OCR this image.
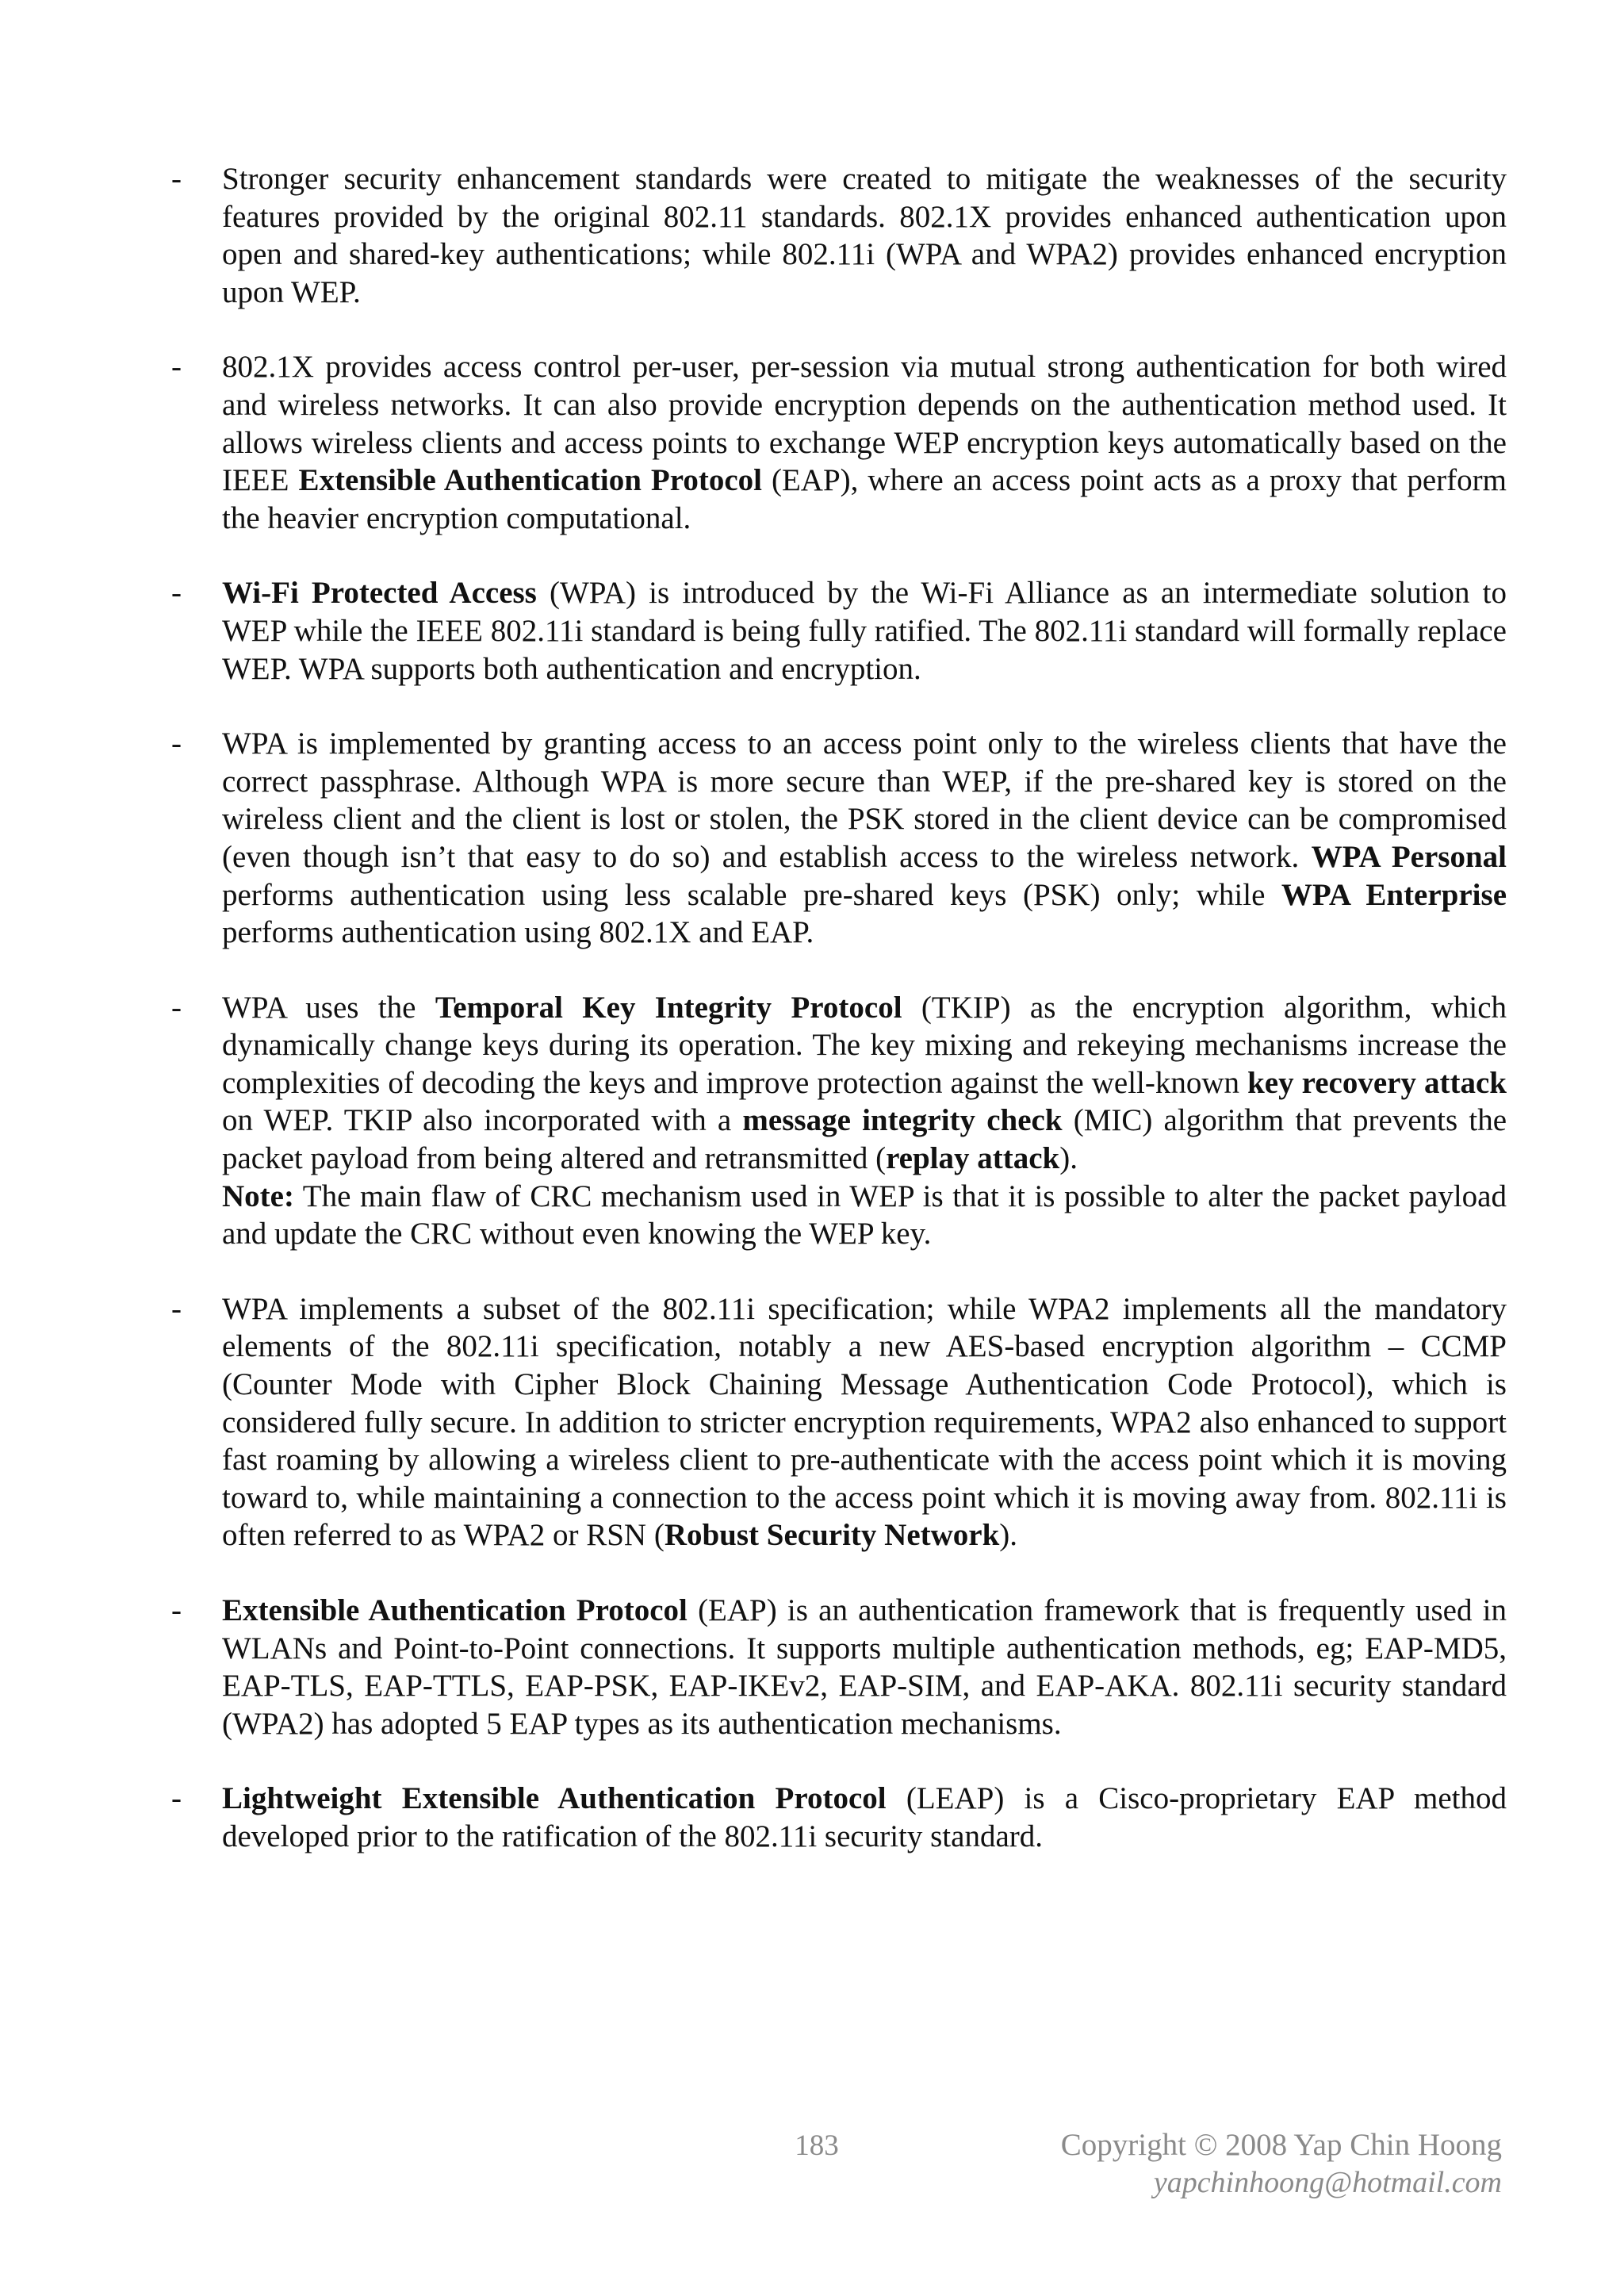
- Stronger security enhancement standards were created to mitigate the weaknesses of the security features provided by the original 802.11 standards. 802.1X provides enhanced authentication upon open and shared-key authentications; while 802.11i (WPA and WPA2) provides enhanced encryption upon WEP.
- 802.1X provides access control per-user, per-session via mutual strong authentication for both wired and wireless networks. It can also provide encryption depends on the authentication method used. It allows wireless clients and access points to exchange WEP encryption keys automatically based on the IEEE Extensible Authentication Protocol (EAP), where an access point acts as a proxy that perform the heavier encryption computational.
- Wi-Fi Protected Access (WPA) is introduced by the Wi-Fi Alliance as an intermediate solution to WEP while the IEEE 802.11i standard is being fully ratified. The 802.11i standard will formally replace WEP. WPA supports both authentication and encryption.
- WPA is implemented by granting access to an access point only to the wireless clients that have the correct passphrase. Although WPA is more secure than WEP, if the pre-shared key is stored on the wireless client and the client is lost or stolen, the PSK stored in the client device can be compromised (even though isn’t that easy to do so) and establish access to the wireless network. WPA Personal performs authentication using less scalable pre-shared keys (PSK) only; while WPA Enterprise performs authentication using 802.1X and EAP.
- WPA uses the Temporal Key Integrity Protocol (TKIP) as the encryption algorithm, which dynamically change keys during its operation. The key mixing and rekeying mechanisms increase the complexities of decoding the keys and improve protection against the well-known key recovery attack on WEP. TKIP also incorporated with a message integrity check (MIC) algorithm that prevents the packet payload from being altered and retransmitted (replay attack).
Note: The main flaw of CRC mechanism used in WEP is that it is possible to alter the packet payload and update the CRC without even knowing the WEP key.
- WPA implements a subset of the 802.11i specification; while WPA2 implements all the mandatory elements of the 802.11i specification, notably a new AES-based encryption algorithm – CCMP (Counter Mode with Cipher Block Chaining Message Authentication Code Protocol), which is considered fully secure. In addition to stricter encryption requirements, WPA2 also enhanced to support fast roaming by allowing a wireless client to pre-authenticate with the access point which it is moving toward to, while maintaining a connection to the access point which it is moving away from. 802.11i is often referred to as WPA2 or RSN (Robust Security Network).
- Extensible Authentication Protocol (EAP) is an authentication framework that is frequently used in WLANs and Point-to-Point connections. It supports multiple authentication methods, eg; EAP-MD5, EAP-TLS, EAP-TTLS, EAP-PSK, EAP-IKEv2, EAP-SIM, and EAP-AKA. 802.11i security standard (WPA2) has adopted 5 EAP types as its authentication mechanisms.
- Lightweight Extensible Authentication Protocol (LEAP) is a Cisco-proprietary EAP method developed prior to the ratification of the 802.11i security standard.
183	Copyright © 2008 Yap Chin Hoong
yapchinhoong@hotmail.com
